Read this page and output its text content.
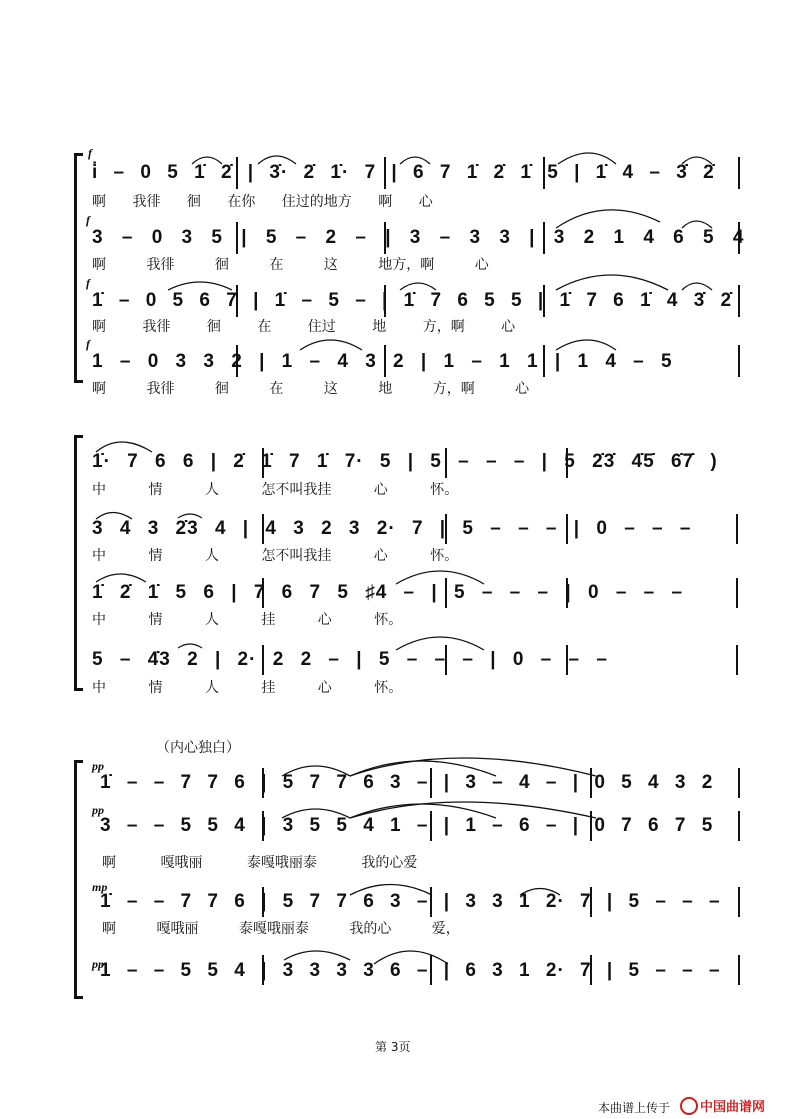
f
i̇ – 0 5 1̇ 2̇ | 3̇· 2̇ 1̇· 7 | 6 7 1̇ 2̇ 1̇ 5 | 1̇ 4 – 3̇ 2̇
啊 我徘 徊 在你 住过的地方 啊 心
f
3 – 0 3 5 | 5 – 2 – | 3 – 3 3 | 3 2 1 4 6 5 4
啊 我徘 徊 在 这 地方，啊 心
f
1̇ – 0 5 6 7 | 1̇ – 5 – | 1̇ 7 6 5 5 | 1̇ 7 6 1̇ 4 3̇ 2̇
啊 我徘 徊 在 住过 地 方，啊 心
f
1 – 0 3 3 2 | 1 – 4 3 2 | 1 – 1 1 | 1 4 – 5
啊 我徘 徊 在 这 地 方，啊 心
1̇· 7 6 6 | 2̇ 1̇ 7 1̇ 7· 5 | 5 – – – | 5 2̇3̇ 4̇5̇ 6̇7̇ )
中 情 人 怎不叫我挂 心 怀。
3 4 3 2̇3 4 | 4 3 2 3 2· 7 | 5 – – – | 0 – – –
中 情 人 怎不叫我挂 心 怀。
1̇ 2̇ 1̇ 5 6 | 7 6 7 5 ♯4 – | 5 – – – | 0 – – –
中 情 人 挂 心 怀。
5 – 4̇3 2 | 2· 2 2 – | 5 – – – | 0 – – –
中 情 人 挂 心 怀。
（内心独白）
pp
1̇ – – 7 7 6 | 5 7 7 6 3 – | 3 – 4 – | 0 5 4 3 2
pp
3 – – 5 5 4 | 3 5 5 4 1 – | 1 – 6 – | 0 7 6 7 5
啊 嘎哦丽 泰嘎哦丽泰 我的心爱
mp
1̇ – – 7 7 6 | 5 7 7 6 3 – | 3 3 1 2· 7 | 5 – – –
啊 嘎哦丽 泰嘎哦丽泰 我的心 爱，
pp
1 – – 5 5 4 | 3 3 3 3 6 – | 6 3 1 2· 7 | 5 – – –
第 3页
本曲谱上传于 中国曲谱网
